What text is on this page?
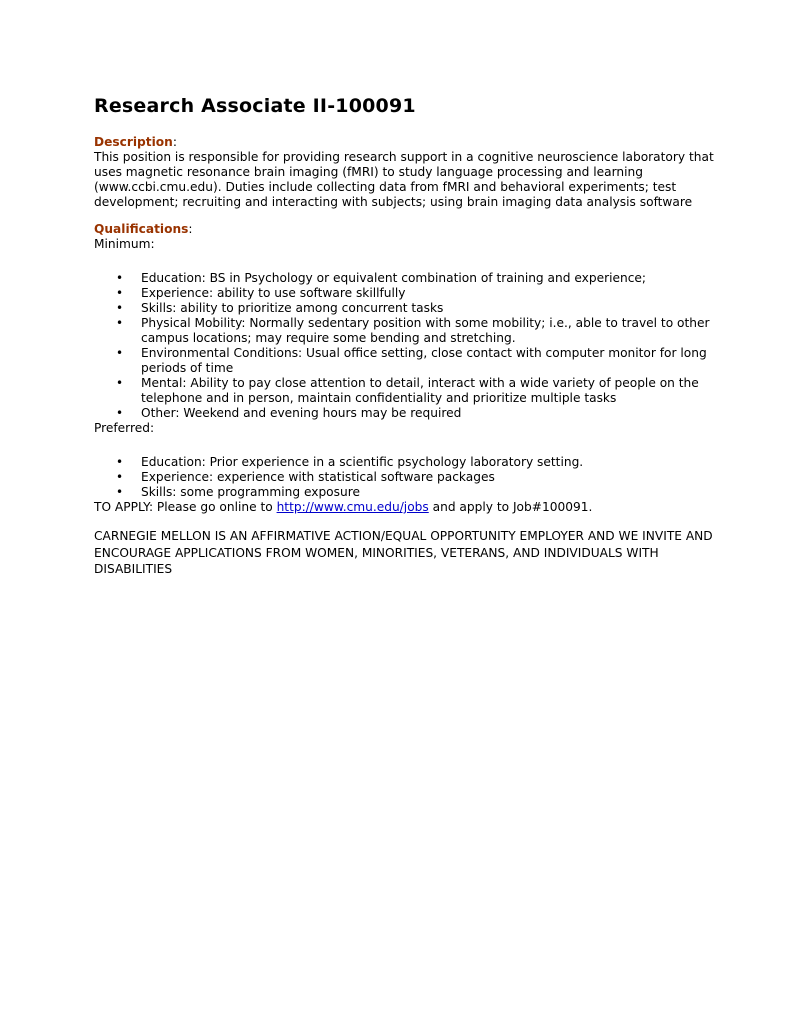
Research Associate II-100091

Description:

This position is responsible for providing research support in a cognitive neuroscience laboratory that uses magnetic resonance brain imaging (fMRI) to study language processing and learning (www.ccbi.cmu.edu). Duties include collecting data from fMRI and behavioral experiments; test development; recruiting and interacting with subjects; using brain imaging data analysis software

Qualifications:

Minimum:

• Education: BS in Psychology or equivalent combination of training and experience;
• Experience: ability to use software skillfully
• Skills: ability to prioritize among concurrent tasks
• Physical Mobility: Normally sedentary position with some mobility; i.e., able to travel to other campus locations; may require some bending and stretching.
• Environmental Conditions: Usual office setting, close contact with computer monitor for long periods of time
• Mental: Ability to pay close attention to detail, interact with a wide variety of people on the telephone and in person, maintain confidentiality and prioritize multiple tasks
• Other: Weekend and evening hours may be required

Preferred:

• Education: Prior experience in a scientific psychology laboratory setting.
• Experience: experience with statistical software packages
• Skills: some programming exposure

TO APPLY: Please go online to http://www.cmu.edu/jobs and apply to Job#100091.

CARNEGIE MELLON IS AN AFFIRMATIVE ACTION/EQUAL OPPORTUNITY EMPLOYER AND WE INVITE AND ENCOURAGE APPLICATIONS FROM WOMEN, MINORITIES, VETERANS, AND INDIVIDUALS WITH DISABILITIES
